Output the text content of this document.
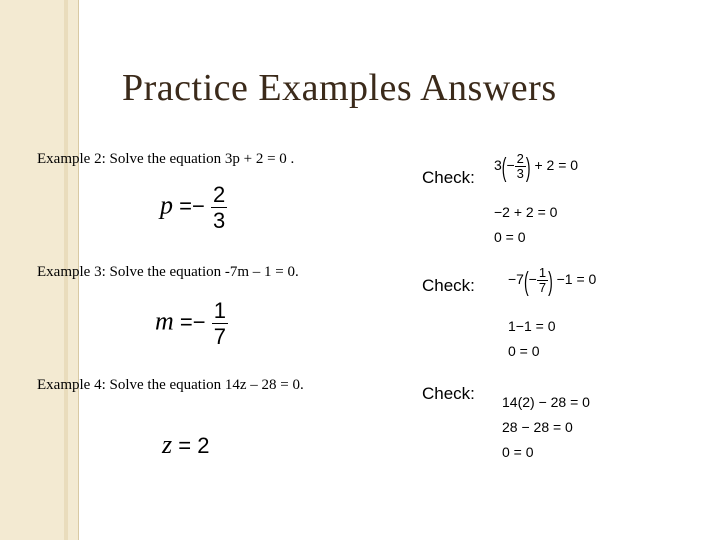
Practice Examples Answers
Example 2: Solve the equation 3p + 2 = 0 .
$p =- \frac{2}{3}$
Check:
$3(- \frac{2}{3}$ ) + 2 = 0
−2 + 2 = 0
0 = 0
Example 3: Solve the equation -7m – 1 = 0.
$m =- \frac{1}{7}$
Check: $-7(- \frac{1}{7}$ ) −1 = 0
1−1 = 0
0 = 0
Example 4: Solve the equation 14z – 28 = 0.
z = 2
Check: 14(2) − 28 = 0
28 − 28 = 0
0 = 0
